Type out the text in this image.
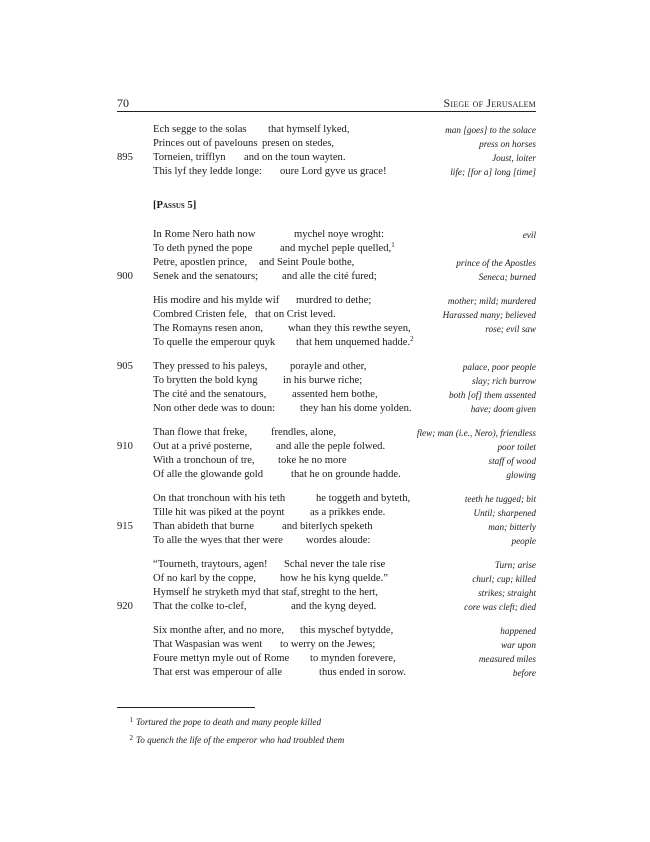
70	Siege of Jerusalem
[Passus 5]
Ech segge to the solas that hymself lyked,	man [goes] to the solace
Princes out of pavelouns presen on stedes,	press on horses
895 Torneien, trifflyn and on the toun wayten.	Joust, loiter
This lyf they ledde longe: oure Lord gyve us grace!	life; [for a] long [time]
In Rome Nero hath now	mychel noye wroght:	evil
To deth pyned the pope	and mychel peple quelled,$^1$
Petre, apostlen prince, and Seint Poule bothe,	prince of the Apostles
900 Senek and the senatours; and alle the cité fured;	Seneca; burned
His modire and his mylde wif murdred to dethe;	mother; mild; murdered
Combred Cristen fele, that on Crist leved.	Harassed many; believed
The Romayns resen anon, whan they this rewthe seyen,	rose; evil saw
To quelle the emperour quyk that hem unquemed hadde.$^2$
905 They pressed to his paleys, porayle and other,	palace, poor people
To brytten the bold kyng in his burwe riche;	slay; rich burrow
The cité and the senatours, assented hem bothe,	both [of] them assented
Non other dede was to doun: they han his dome yolden.	have; doom given
Than flowe that freke, frendles, alone,	flew; man (i.e., Nero), friendless
910 Out at a privé posterne, and alle the peple folwed.	poor toilet
With a tronchoun of tre, toke he no more	staff of wood
Of alle the glowande gold	that he on grounde hadde.	glowing
On that tronchoun with his teth	he toggeth and byteth,	teeth he tugged; bit
Tille hit was piked at the poynt as a prikkes ende.	Until; sharpened
915 Than abideth that burne	and biterlych speketh	man; bitterly
To alle the wyes that ther were wordes aloude:	people
“Tourneth, traytours, agen! Schal never the tale rise	Turn; arise
Of no karl by the coppe, how he his kyng quelde.”	churl; cup; killed
Hymself he stryketh myd that staf, streght to the hert,	strikes; straight
920 That the colke to-clef,	and the kyng deyed.	core was cleft; died
Six monthe after, and no more, this myschef bytydde,	happened
That Waspasian was went to werry on the Jewes;	war upon
Foure mettyn myle out of Rome to mynden forevere,	measured miles
That erst was emperour of alle	thus ended in sorow.	before
1 Tortured the pope to death and many people killed
2 To quench the life of the emperor who had troubled them
